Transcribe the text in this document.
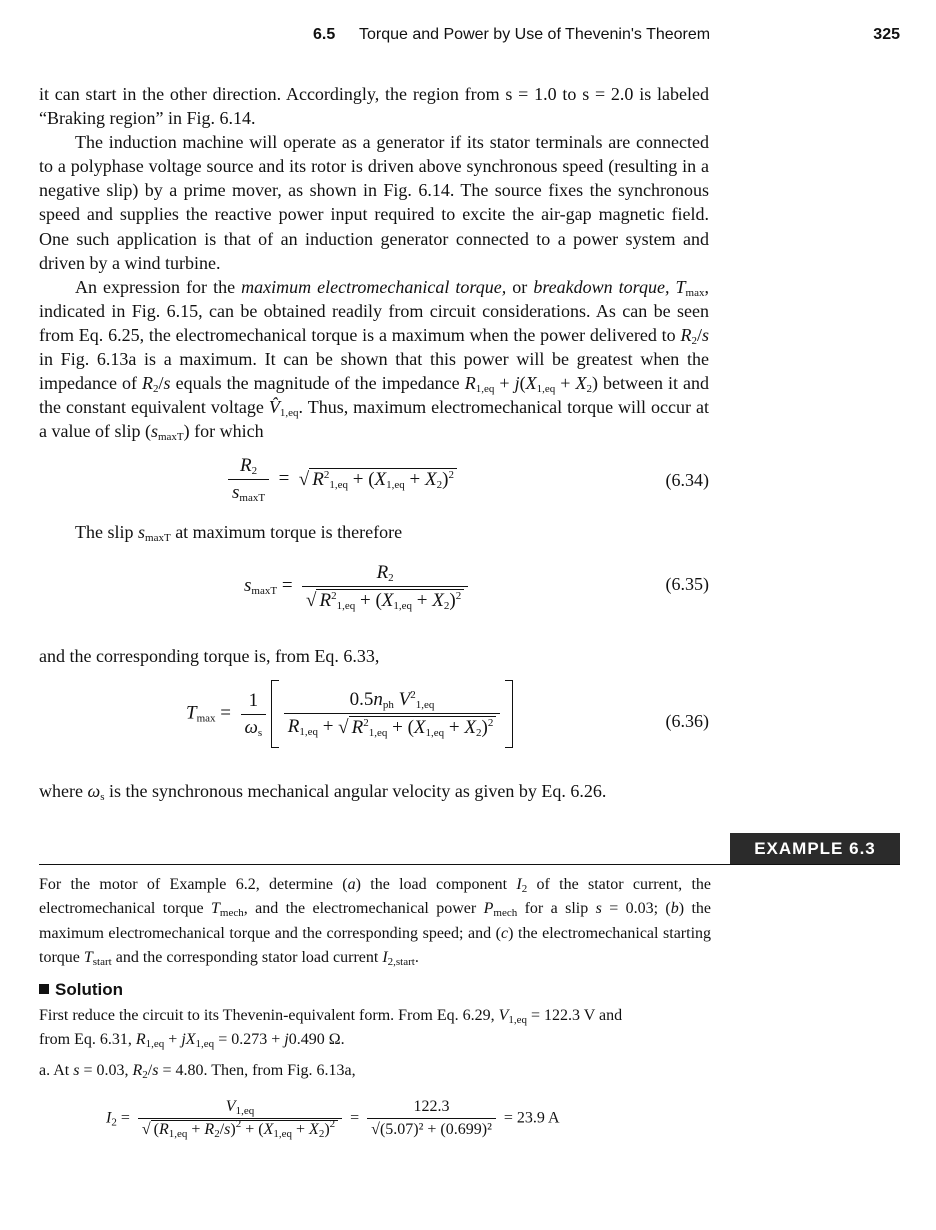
6.5 Torque and Power by Use of Thevenin's Theorem	325

it can start in the other direction. Accordingly, the region from s = 1.0 to s = 2.0 is labeled “Braking region” in Fig. 6.14.

The induction machine will operate as a generator if its stator terminals are connected to a polyphase voltage source and its rotor is driven above synchronous speed (resulting in a negative slip) by a prime mover, as shown in Fig. 6.14. The source fixes the synchronous speed and supplies the reactive power input required to excite the air-gap magnetic field. One such application is that of an induction generator connected to a power system and driven by a wind turbine.

An expression for the maximum electromechanical torque, or breakdown torque, $T_{max}$, indicated in Fig. 6.15, can be obtained readily from circuit considerations. As can be seen from Eq. 6.25, the electromechanical torque is a maximum when the power delivered to $R_2/s$ in Fig. 6.13a is a maximum. It can be shown that this power will be greatest when the impedance of $R_2/s$ equals the magnitude of the impedance $R_{1,eq} + j(X_{1,eq} + X_2)$ between it and the constant equivalent voltage $V̂_{1,eq}$. Thus, maximum electromechanical torque will occur at a value of slip $(s_{maxT})$ for which

$\frac{R_2}{s_{maxT}}$ =  √ $R^2_{1,eq} + (X_{1,eq} + X_2)^2$	(6.34)
The slip $s_{maxT}$ at maximum torque is therefore
$s_{maxT} = \frac{R_2}{√ R^2_{1,eq} + (X_{1,eq} + X_2)^2}$	(6.35)
and the corresponding torque is, from Eq. 6.33,
$T_{max} = \frac{1}{\omega_s}$
$\frac{0.5n_{ph} V^2_{1,eq}}{R_{1,eq} + √ R^2_{1,eq} + (X_{1,eq} + X_2)^2}$
	(6.36)
where $\omega_s$ is the synchronous mechanical angular velocity as given by Eq. 6.26.
EXAMPLE 6.3
For the motor of Example 6.2, determine (a) the load component $I_2$ of the stator current, the electromechanical torque $T_{mech}$, and the electromechanical power $P_{mech}$ for a slip s = 0.03; (b) the maximum electromechanical torque and the corresponding speed; and (c) the electromechanical starting torque $T_{start}$ and the corresponding stator load current $I_{2,start}$.
Solution
First reduce the circuit to its Thevenin-equivalent form. From Eq. 6.29, $V_{1,eq} = 122.3$ V and
from Eq. 6.31, $R_{1,eq} + jX_{1,eq} = 0.273 + j0.490$ Ω.
a. At s = 0.03, $R_2/s = 4.80$. Then, from Fig. 6.13a,
$I_2 = \frac{V_{1,eq}}{√ (R_{1,eq} + R_2/s)^2 + (X_{1,eq} + X_2)^2} = \frac{122.3}{\text{√(5.07)² + (0.699)²}} = 23.9$ A
